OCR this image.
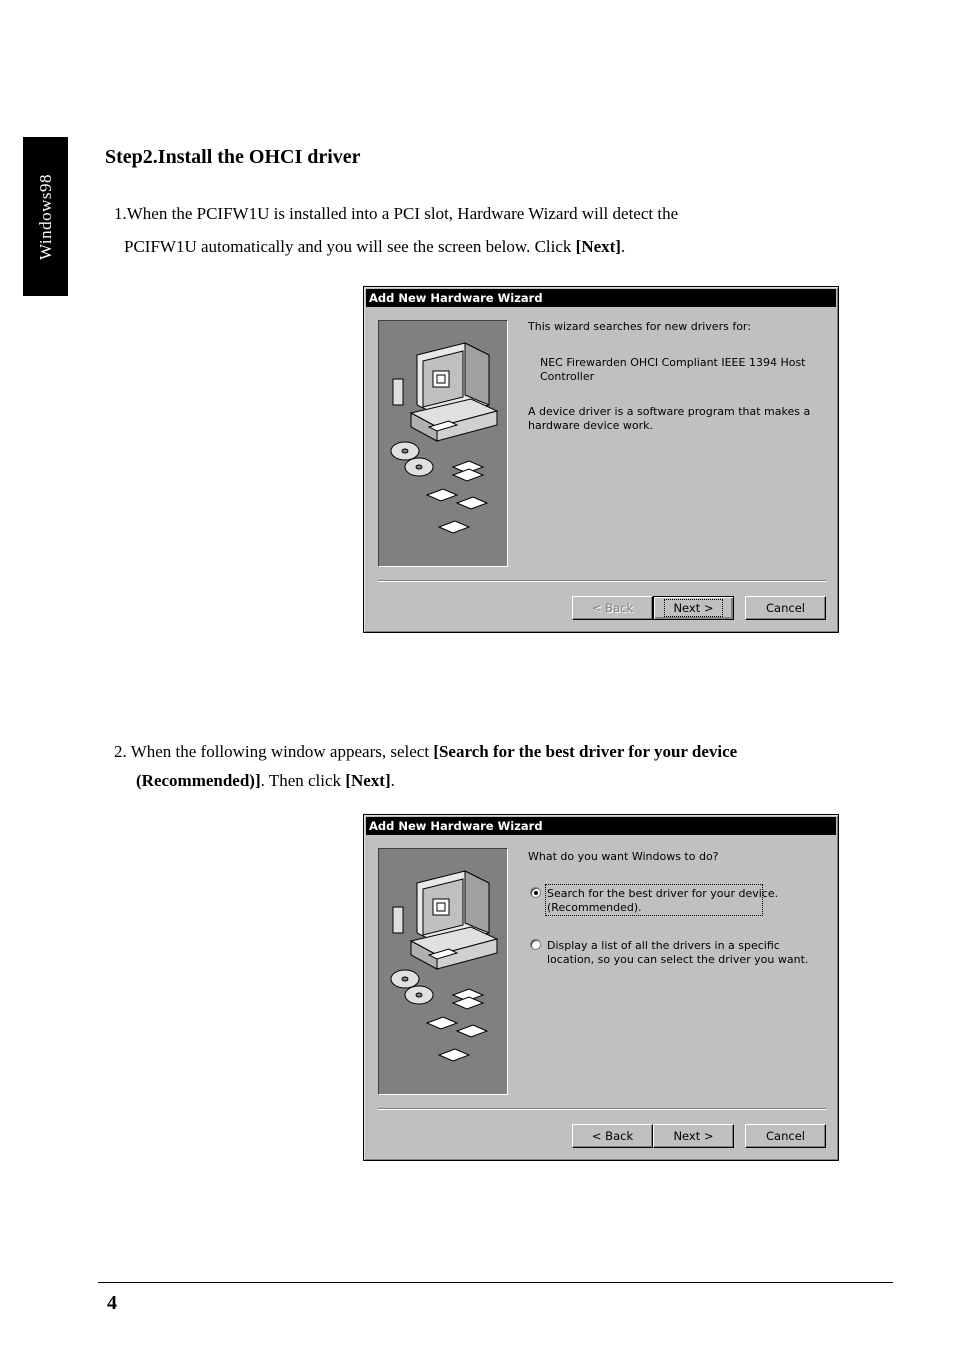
Windows98
Step2.Install the OHCI driver
1.When the PCIFW1U is installed into a PCI slot, Hardware Wizard will detect the
PCIFW1U automatically and you will see the screen below. Click [Next].
Add New Hardware Wizard
This wizard searches for new drivers for:
NEC Firewarden OHCI Compliant IEEE 1394 Host
Controller
A device driver is a software program that makes a
hardware device work.
< Back	Next >	Cancel
2. When the following window appears, select [Search for the best driver for your device
(Recommended)]. Then click [Next].
Add New Hardware Wizard
What do you want Windows to do?
Search for the best driver for your device.
(Recommended).
Display a list of all the drivers in a specific
location, so you can select the driver you want.
< Back	Next >	Cancel
4
